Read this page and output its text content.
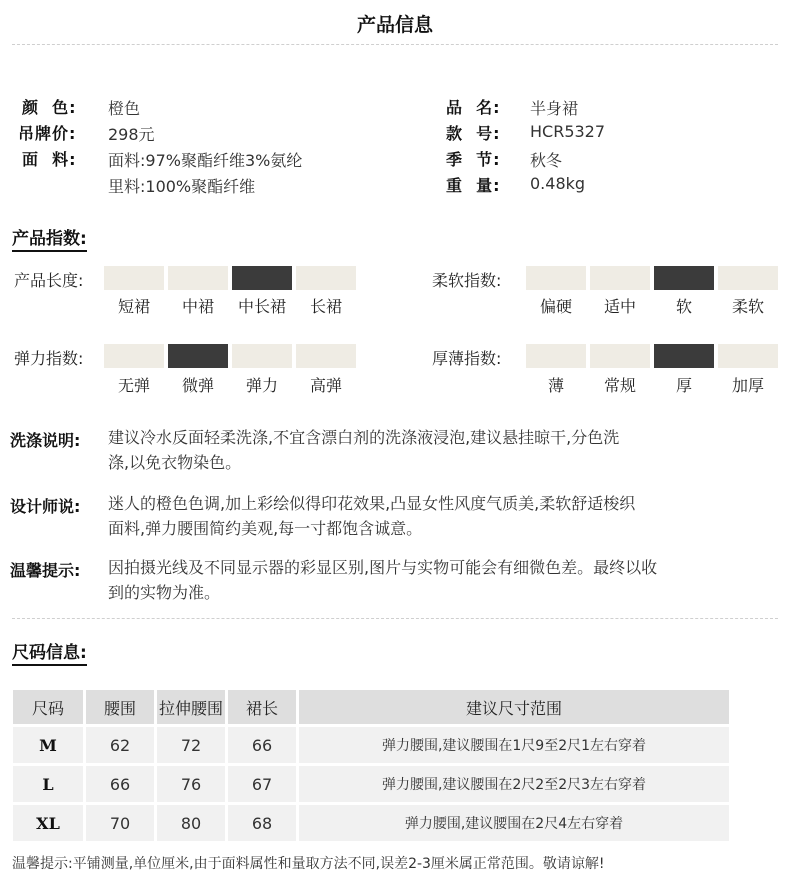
产品信息
颜  色: 橙色
吊牌价: 298元
面  料: 面料:97%聚酯纤维3%氨纶
里料:100%聚酯纤维
品  名: 半身裙
款  号: HCR5327
季  节: 秋冬
重  量: 0.48kg
产品指数:
产品长度:
短裙	中裙	中长裙	长裙
柔软指数:
偏硬	适中	软	柔软
弹力指数:
无弹	微弹	弹力	高弹
厚薄指数:
薄	常规	厚	加厚
洗涤说明: 建议冷水反面轻柔洗涤,不宜含漂白剂的洗涤液浸泡,建议悬挂晾干,分色洗
涤,以免衣物染色。
设计师说: 迷人的橙色色调,加上彩绘似得印花效果,凸显女性风度气质美,柔软舒适梭织
面料,弹力腰围简约美观,每一寸都饱含诚意。
温馨提示: 因拍摄光线及不同显示器的彩显区别,图片与实物可能会有细微色差。最终以收
到的实物为准。
尺码信息:
尺码	腰围	拉伸腰围	裙长	建议尺寸范围
M	62	72	66	弹力腰围,建议腰围在1尺9至2尺1左右穿着
L	66	76	67	弹力腰围,建议腰围在2尺2至2尺3左右穿着
XL	70	80	68	弹力腰围,建议腰围在2尺4左右穿着
温馨提示:平铺测量,单位厘米,由于面料属性和量取方法不同,误差2-3厘米属正常范围。敬请谅解!
